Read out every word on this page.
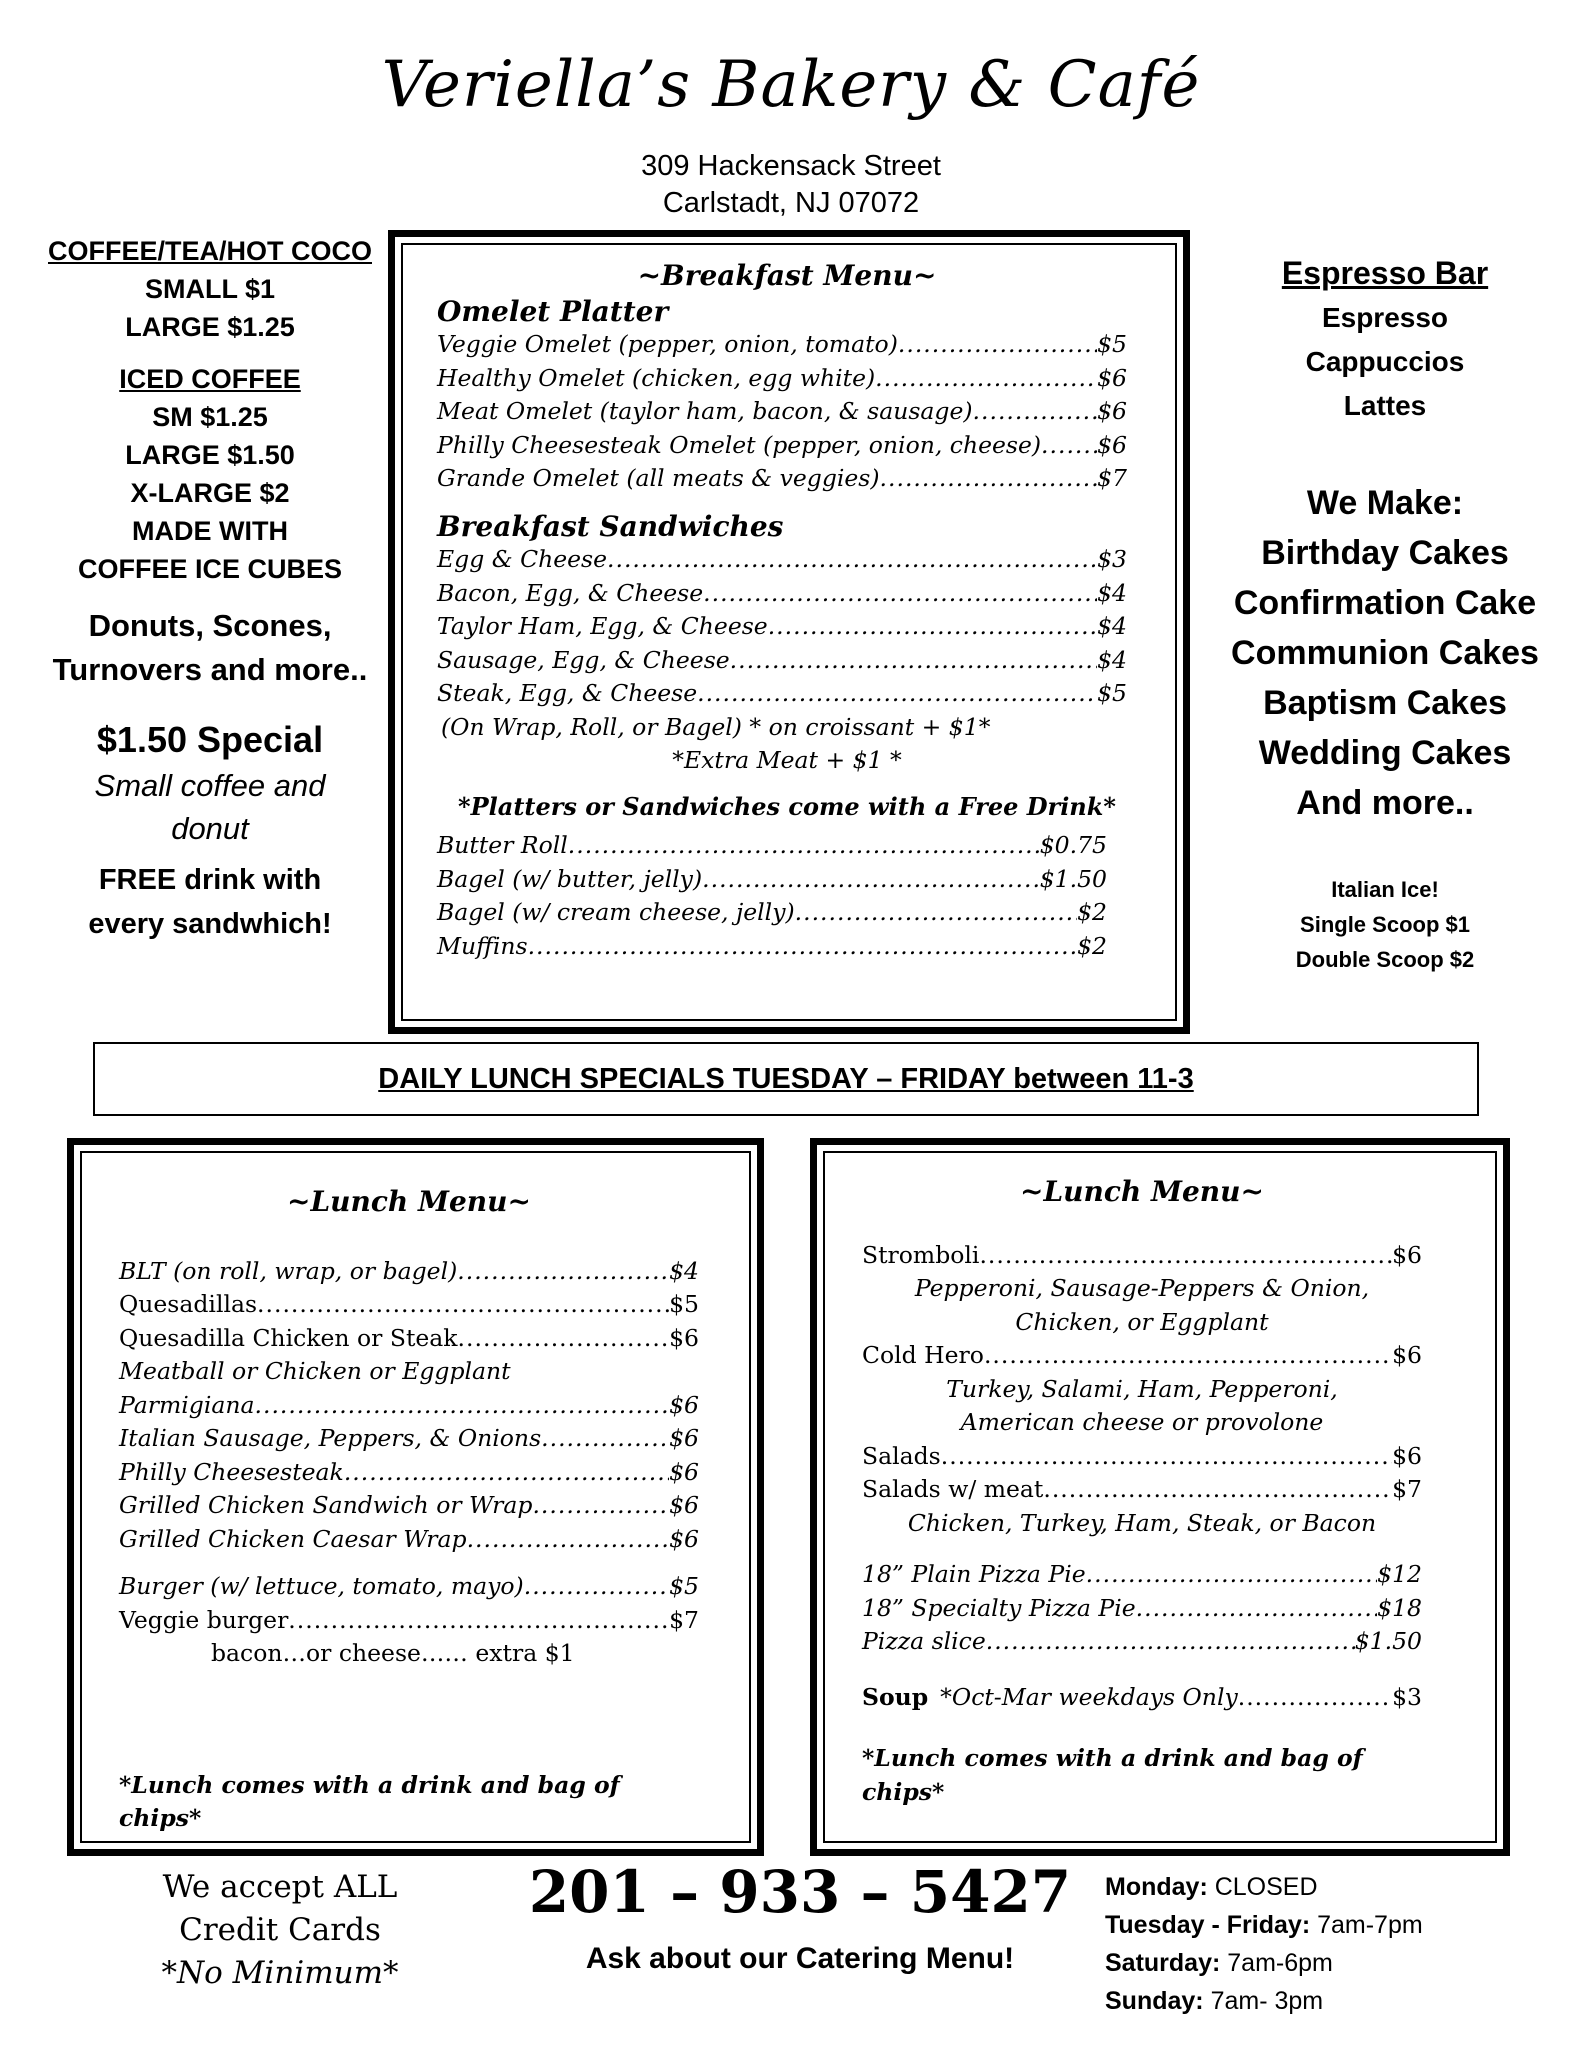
Veriella’s Bakery & Café
309 Hackensack Street
Carlstadt, NJ 07072
COFFEE/TEA/HOT COCO
SMALL $1
LARGE $1.25
ICED COFFEE
SM $1.25
LARGE $1.50
X-LARGE $2
MADE WITH
COFFEE ICE CUBES
Donuts, Scones,
Turnovers and more..
$1.50 Special
Small coffee and
donut
FREE drink with
every sandwhich!
Espresso Bar
Espresso
Cappuccios
Lattes
We Make:
Birthday Cakes
Confirmation Cake
Communion Cakes
Baptism Cakes
Wedding Cakes
And more..
Italian Ice!
Single Scoop $1
Double Scoop $2
~Breakfast Menu~
Omelet Platter
Veggie Omelet (pepper, onion, tomato) .....	$5
Healthy Omelet (chicken, egg white) .....	$6
Meat Omelet (taylor ham, bacon, & sausage) .....	$6
Philly Cheesesteak Omelet (pepper, onion, cheese) ..... $6
Grande Omelet (all meats & veggies) .....	$7
Breakfast Sandwiches
Egg & Cheese .....	$3
Bacon, Egg, & Cheese .....	$4
Taylor Ham, Egg, & Cheese .....	$4
Sausage, Egg, & Cheese .....	$4
Steak, Egg, & Cheese .....	$5
(On Wrap, Roll, or Bagel) * on croissant + $1*
*Extra Meat + $1 *
*Platters or Sandwiches come with a Free Drink*
Butter Roll .....	$0.75
Bagel (w/ butter, jelly) .....	$1.50
Bagel (w/ cream cheese, jelly) .....	$2
Muffins .....	$2
DAILY LUNCH SPECIALS TUESDAY – FRIDAY between 11-3
~Lunch Menu~
BLT (on roll, wrap, or bagel) .....	$4
Quesadillas .....	$5
Quesadilla Chicken or Steak .....	$6
Meatball or Chicken or Eggplant
Parmigiana .....	$6
Italian Sausage, Peppers, & Onions .....	$6
Philly Cheesesteak .....	$6
Grilled Chicken Sandwich or Wrap .....	$6
Grilled Chicken Caesar Wrap .....	$6
Burger (w/ lettuce, tomato, mayo) .....	$5
Veggie burger .....	$7
bacon…or cheese…… extra $1
*Lunch comes with a drink and bag of chips*
~Lunch Menu~
Stromboli .....	$6
Pepperoni, Sausage-Peppers & Onion,
Chicken, or Eggplant
Cold Hero .....	$6
Turkey, Salami, Ham, Pepperoni,
American cheese or provolone
Salads .....	$6
Salads w/ meat .....	$7
Chicken, Turkey, Ham, Steak, or Bacon
18” Plain Pizza Pie .....	$12
18” Specialty Pizza Pie .....	$18
Pizza slice .....	$1.50
Soup *Oct-Mar weekdays Only .....	$3
*Lunch comes with a drink and bag of chips*
We accept ALL
Credit Cards
*No Minimum*
201 – 933 – 5427
Ask about our Catering Menu!
Monday: CLOSED
Tuesday - Friday: 7am-7pm
Saturday: 7am-6pm
Sunday: 7am- 3pm
